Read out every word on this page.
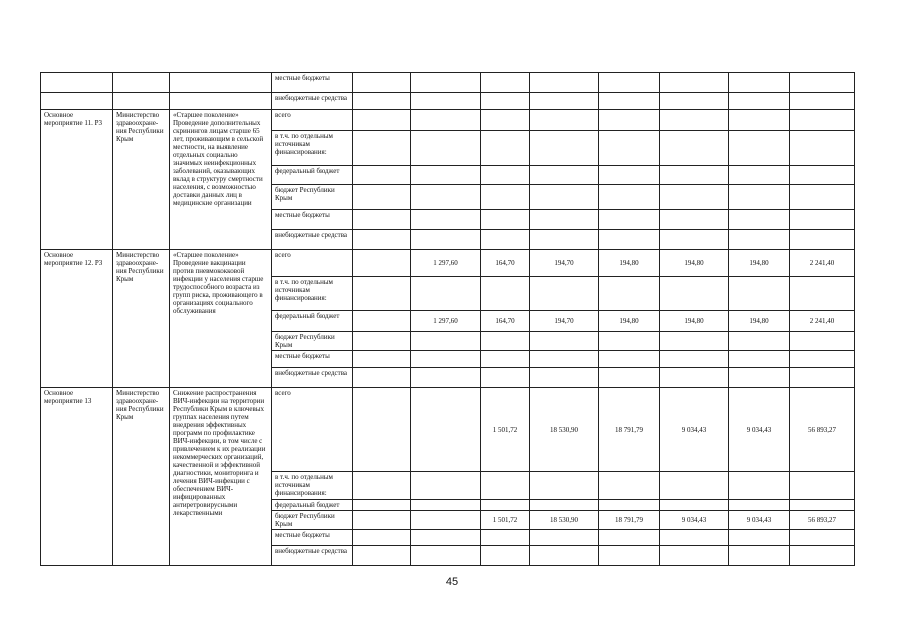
			местные бюджеты								
			внебюджетные средства								
Основное мероприятие 11. Р3	Министерство здравоохране-ния Республики Крым	«Старшее поколение» Проведение дополнительных скринингов лицам старше 65 лет, проживающим в сельской местности, на выявление отдельных социально значимых неинфекционных заболеваний, оказывающих вклад в структуру смертности населения, с возможностью доставки данных лиц в медицинские организации	всего								
			в т.ч. по отдельным источникам финансирования:								
			федеральный бюджет								
			бюджет Республики Крым								
			местные бюджеты								
			внебюджетные средства								
Основное мероприятие 12. Р3	Министерство здравоохране-ния Республики Крым	«Старшее поколение» Проведение вакцинации против пневмококковой инфекции у населения старше трудоспособного возраста из групп риска, проживающего в организациях социального обслуживания	всего		1 297,60	164,70	194,70	194,80	194,80	194,80	2 241,40
			в т.ч. по отдельным источникам финансирования:								
			федеральный бюджет		1 297,60	164,70	194,70	194,80	194,80	194,80	2 241,40
			бюджет Республики Крым								
			местные бюджеты								
			внебюджетные средства								
Основное мероприятие 13	Министерство здравоохране-ния Республики Крым	Снижение распространения ВИЧ-инфекции на территории Республики Крым в ключевых группах населения путем внедрения эффективных программ по профилактике ВИЧ-инфекции, в том числе с привлечением к их реализации некоммерческих организаций, качественной и эффективной диагностики, мониторинга и лечения ВИЧ-инфекции с обеспечением ВИЧ-инфицированных антиретровирусными лекарственными	всего			1 501,72	18 530,90	18 791,79	9 034,43	9 034,43	56 893,27
			в т.ч. по отдельным источникам финансирования:								
			федеральный бюджет								
			бюджет Республики Крым			1 501,72	18 530,90	18 791,79	9 034,43	9 034,43	56 893,27
			местные бюджеты								
			внебюджетные средства								
45
